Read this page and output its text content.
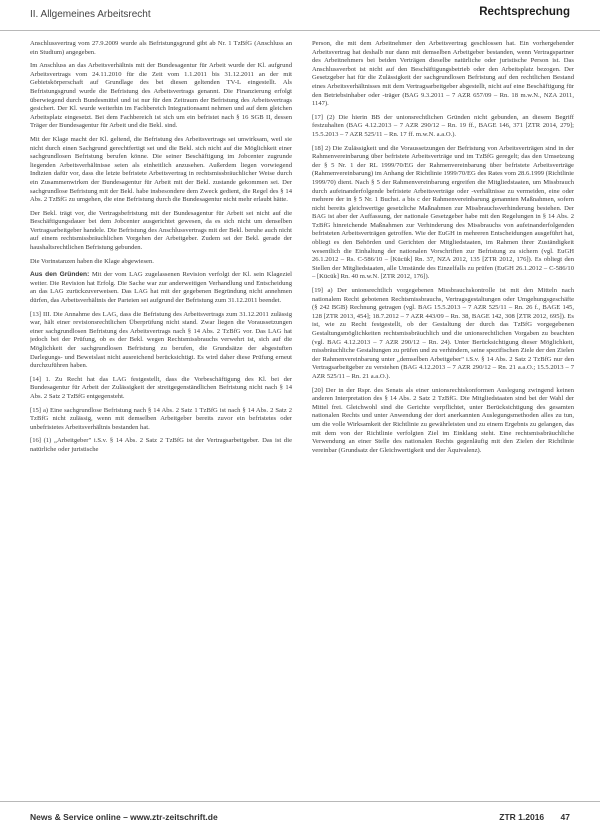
II. Allgemeines Arbeitsrecht	Rechtsprechung

Anschlussvertrag vom 27.9.2009 wurde als Befristungsgrund gibt ab Nr. 1 TzBfG (Anschluss an ein Studium) angegeben.

Im Anschluss an das Arbeitsverhältnis mit der Bundesagentur für Arbeit wurde der Kl. aufgrund Arbeitsvertrags vom 24.11.2010 für die Zeit vom 1.1.2011 bis 31.12.2011 an der mit Gebietskörperschaft auf Grundlage des bei diesen geltenden TV-L eingestellt. Als Befristungsgrund wurde die Befristung des Arbeitsvertrags genannt. Die Finanzierung erfolgt überwiegend durch Bundesmittel und ist nur für den Zeitraum der Befristung des Arbeitsvertrags gesichert. Der Kl. wurde weiterhin im Fachbereich Integrationsamt nehmen und auf dem gleichen Arbeitsplatz eingesetzt. Bei dem Fachbereich ist sich um ein befristet nach § 16 SGB II, dessen Träger der Bundesagentur für Arbeit und die Bekl. sind.

Mit der Klage macht der Kl. geltend, die Befristung des Arbeitsvertrags sei unwirksam, weil sie nicht durch einen Sachgrund gerechtfertigt sei und die Bekl. sich nicht auf die Möglichkeit einer sachgrundlosen Befristung berufen könne. Die seiner Beschäftigung im Jobcenter zugrunde liegenden Arbeitsverhältnisse seien als einheitlich anzusehen. Außerdem liegen vorwiegend Indizien dafür vor, dass die letzte befristete Arbeitsvertrag in rechtsmissbräuchlicher Weise durch ein Zusammenwirken der Bundesagentur für Arbeit mit der Bekl. zustande gekommen sei. Der sachgrundlose Befristung mit der Bekl. habe insbesondere dem Zweck gedient, die Regel des § 14 Abs. 2 TzBfG zu umgehen, die eine Befristung durch die Bundesagentur nicht mehr erlaubt hätte.

Der Bekl. trägt vor, die Vertragsbefristung mit der Bundesagentur für Arbeit sei nicht auf die Beschäftigungsdauer bei dem Jobcenter ausgerichtet gewesen, da es sich nicht um denselben Vertragsarbeitgeber handele. Die Befristung des Anschlussvertrags mit der Bekl. beruhe auch nicht auf einem rechtsmissbräuchlichen Vorgehen der Arbeitgeber. Zudem sei der Bekl. gerade der haushaltsrechtlichen Befristung gebunden.

Die Vorinstanzen haben die Klage abgewiesen.

Aus den Gründen: Mit der vom LAG zugelassenen Revision verfolgt der Kl. sein Klageziel weiter. Die Revision hat Erfolg. Die Sache war zur anderweitigen Verhandlung und Entscheidung an das LAG zurückzuverweisen. Das LAG hat mit der gegebenen Begründung nicht annehmen dürfen, das Arbeitsverhältnis der Parteien sei aufgrund der Befristung zum 31.12.2011 beendet.

[13] III. Die Annahme des LAG, dass die Befristung des Arbeitsvertrags zum 31.12.2011 zulässig war, hält einer revisionsrechtlichen Überprüfung nicht stand. Zwar liegen die Voraussetzungen einer sachgrundlosen Befristung des Arbeitsvertrags nach § 14 Abs. 2 TzBfG vor. Das LAG hat jedoch bei der Prüfung, ob es der Bekl. wegen Rechtsmissbrauchs verwehrt ist, sich auf die Möglichkeit der sachgrundlosen Befristung zu berufen, die Grundsätze der abgestuften Darlegungs- und Beweislast nicht ausreichend berücksichtigt. Es wird daher diese Prüfung erneut durchzuführen haben.

[14] 1. Zu Recht hat das LAG festgestellt, dass die Vorbeschäftigung des Kl. bei der Bundesagentur für Arbeit der Zulässigkeit der streitgegenständlichen Befristung nicht nach § 14 Abs. 2 Satz 2 TzBfG entgegensteht.

[15] a) Eine sachgrundlose Befristung nach § 14 Abs. 2 Satz 1 TzBfG ist nach § 14 Abs. 2 Satz 2 TzBfG nicht zulässig, wenn mit demselben Arbeitgeber bereits zuvor ein befristetes oder unbefristetes Arbeitsverhältnis bestanden hat.

[16] (1) „Arbeitgeber" i.S.v. § 14 Abs. 2 Satz 2 TzBfG ist der Vertragsarbeitgeber. Das ist die natürliche oder juristische

Person, die mit dem Arbeitnehmer den Arbeitsvertrag geschlossen hat. Ein vorhergehender Arbeitsvertrag hat deshalb nur dann mit demselben Arbeitgeber bestanden, wenn Vertragspartner des Arbeitnehmers bei beiden Verträgen dieselbe natürliche oder juristische Person ist. Das Anschlussverbot ist nicht auf den Beschäftigungsbetrieb oder den Arbeitsplatz bezogen. Der Gesetzgeber hat für die Zulässigkeit der sachgrundlosen Befristung auf den rechtlichen Bestand eines Arbeitsverhältnisses mit dem Vertragsarbeitgeber abgestellt, nicht auf eine Beschäftigung für den Betriebsinhaber oder -träger (BAG 9.3.2011 – 7 AZR 657/09 – Rn. 18 m.w.N., NZA 2011, 1147).

[17] (2) Die hierin BB der unionsrechtlichen Gründen nicht gebunden, an diesem Begriff festzuhalten (BAG 4.12.2013 – 7 AZR 290/12 – Rn. 19 ff., BAGE 146, 371 [ZTR 2014, 279]; 15.5.2013 – 7 AZR 525/11 – Rn. 17 ff. m.w.N. a.a.O.).

[18] 2) Die Zulässigkeit und die Voraussetzungen der Befristung von Arbeitsverträgen sind in der Rahmenvereinbarung über befristete Arbeitsverträge und im TzBfG geregelt; das den Umsetzung der § 5 Nr. 1 der RL 1999/70/EG der Rahmenvereinbarung über befristete Arbeitsverträge (Rahmenvereinbarung) im Anhang der Richtlinie 1999/70/EG des Rates vom 28.6.1999 (Richtlinie 1999/70) dient. Nach § 5 der Rahmenvereinbarung ergreifen die Mitgliedstaaten, um Missbrauch durch aufeinanderfolgende befristete Arbeitsverträge oder -verhältnisse zu vermeiden, eine oder mehrere der in § 5 Nr. 1 Buchst. a bis c der Rahmenvereinbarung genannten Maßnahmen, sofern nicht bereits gleichwertige gesetzliche Maßnahmen zur Missbrauchsverhinderung bestehen. Der BAG ist aber der Auffassung, der nationale Gesetzgeber habe mit den Regelungen in § 14 Abs. 2 TzBfG hinreichende Maßnahmen zur Verhinderung des Missbrauchs von aufeinanderfolgenden befristeten Arbeitsverträgen getroffen. Wie der EuGH in mehreren Entscheidungen ausgeführt hat, obliegt es den Behörden und Gerichten der Mitgliedstaaten, im Rahmen ihrer Zuständigkeit wesentlich die Einhaltung der nationalen Vorschriften zur Befristung zu sichern (vgl. EuGH 26.1.2012 – Rs. C-586/10 – [Kücük] Rn. 37, NZA 2012, 135 [ZTR 2012, 176]). Es obliegt den Stellen der Mitgliedstaaten, alle Umstände des Einzelfalls zu prüfen (EuGH 26.1.2012 – C-586/10 – [Kücük] Rn. 40 m.w.N. [ZTR 2012, 176]).

[19] a) Der unionsrechtlich vorgegebenen Missbrauchskontrolle ist mit den Mitteln nach nationalem Recht gebotenen Rechtsmissbrauchs, Vertragsgestaltungen oder Umgehungsgeschäfte (§ 242 BGB) Rechnung getragen (vgl. BAG 15.5.2013 – 7 AZR 525/11 – Rn. 26 f., BAGE 145, 128 [ZTR 2013, 454]; 18.7.2012 – 7 AZR 443/09 – Rn. 38, BAGE 142, 308 [ZTR 2012, 695]). Es ist, wie zu Recht festgestellt, ob der Gestaltung der durch das TzBfG vorgegebenen Gestaltungsmöglichkeiten rechtsmissbräuchlich und die unionsrechtlichen Vorgaben zu beachten (vgl. BAG 4.12.2013 – 7 AZR 290/12 – Rn. 24). Unter Berücksichtigung dieser Möglichkeit, missbräuchliche Gestaltungen zu prüfen und zu verhindern, seine spezifischen Ziele der den Zielen der Rahmenvereinbarung unter „demselben Arbeitgeber" i.S.v. § 14 Abs. 2 Satz 2 TzBfG nur den Vertragsarbeitgeber zu verstehen (BAG 4.12.2013 – 7 AZR 290/12 – Rn. 21 a.a.O.; 15.5.2013 – 7 AZR 525/11 – Rn. 21 a.a.O.).

[20] Der in der Rspr. des Senats als einer unionsrechtskonformen Auslegung zwingend keinen anderen Interpretation des § 14 Abs. 2 Satz 2 TzBfG. Die Mitgliedstaaten sind bei der Wahl der Mittel frei. Gleichwohl sind die Gerichte verpflichtet, unter Berücksichtigung des gesamten nationalen Rechts und unter Anwendung der dort anerkannten Auslegungsmethoden alles zu tun, um die volle Wirksamkeit der Richtlinie zu gewährleisten und zu einem Ergebnis zu gelangen, das mit dem von der Richtlinie verfolgten Ziel im Einklang steht. Eine rechtsmissbräuchliche Verwendung an einer Stelle des nationalen Rechts gegenläufig mit den Zielen der Richtlinie vereinbar (Grundsatz der Gleichwertigkeit und der Äquivalenz).

News & Service online – www.ztr-zeitschrift.de	ZTR 1.2016 47
